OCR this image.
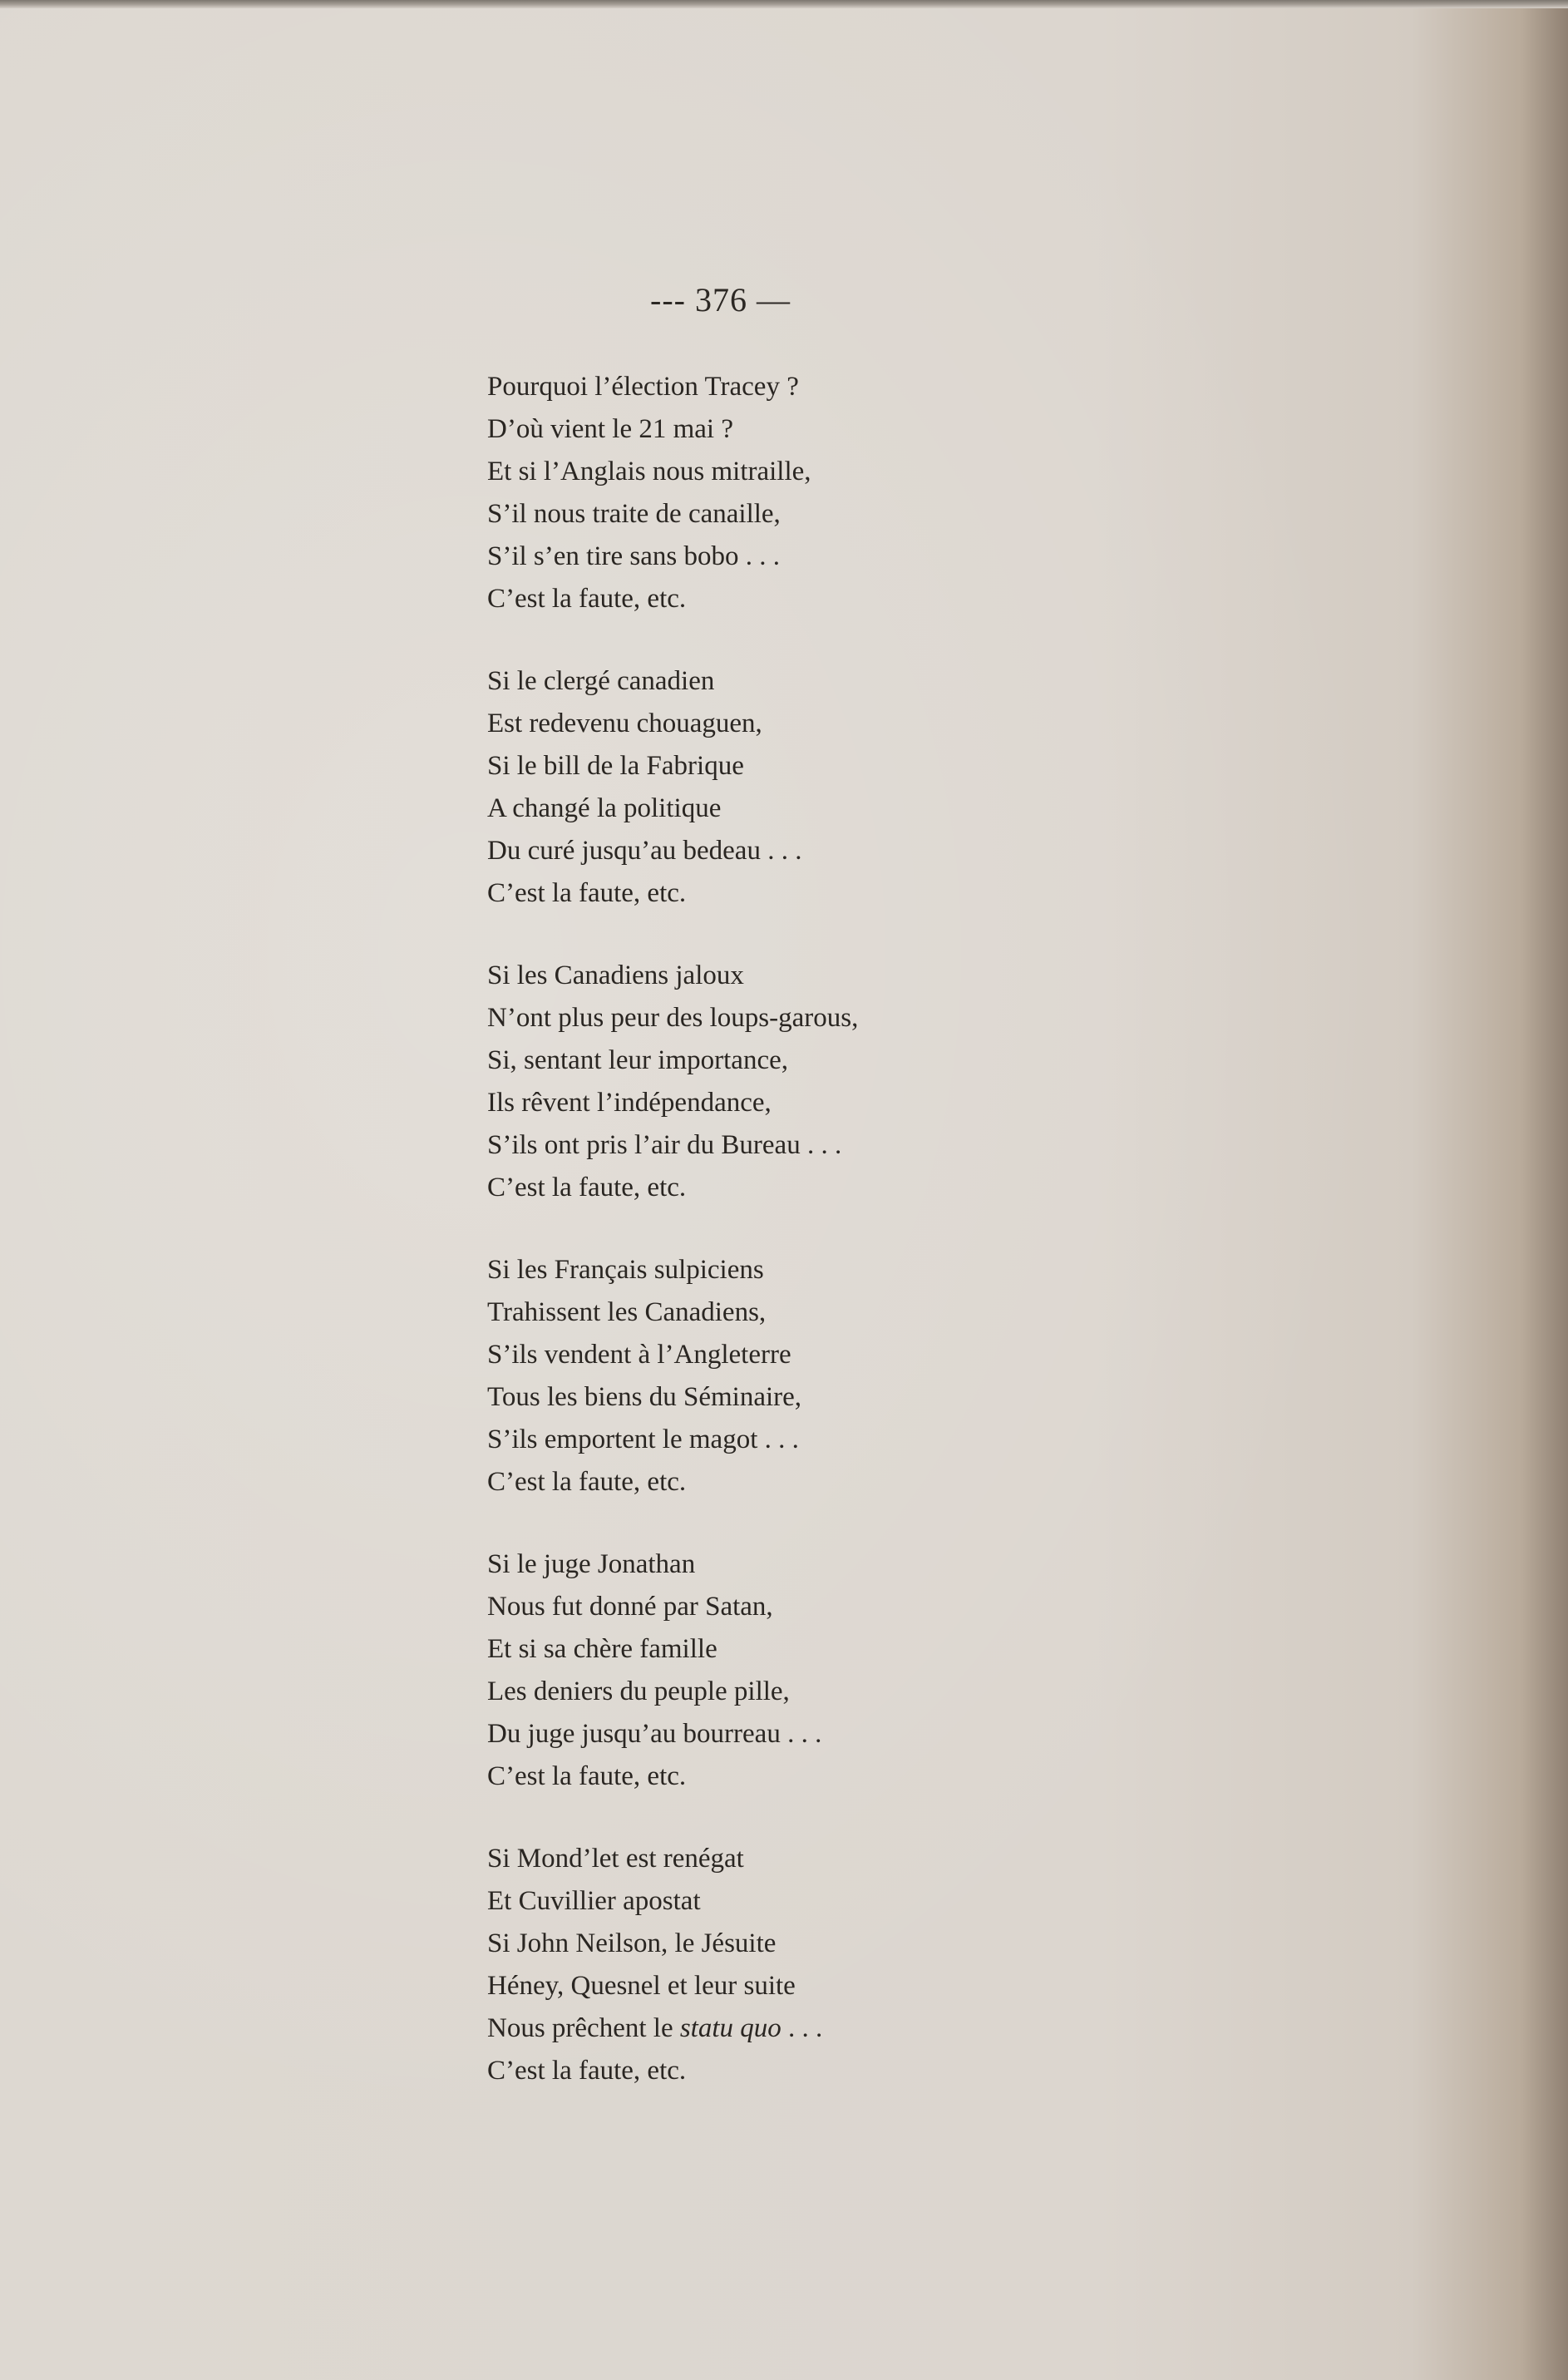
--- 376 —
Pourquoi l’élection Tracey ?
D’où vient le 21 mai ?
Et si l’Anglais nous mitraille,
S’il nous traite de canaille,
S’il s’en tire sans bobo . . .
C’est la faute, etc.
Si le clergé canadien
Est redevenu chouaguen,
Si le bill de la Fabrique
A changé la politique
Du curé jusqu’au bedeau . . .
C’est la faute, etc.
Si les Canadiens jaloux
N’ont plus peur des loups-garous,
Si, sentant leur importance,
Ils rêvent l’indépendance,
S’ils ont pris l’air du Bureau . . .
C’est la faute, etc.
Si les Français sulpiciens
Trahissent les Canadiens,
S’ils vendent à l’Angleterre
Tous les biens du Séminaire,
S’ils emportent le magot . . .
C’est la faute, etc.
Si le juge Jonathan
Nous fut donné par Satan,
Et si sa chère famille
Les deniers du peuple pille,
Du juge jusqu’au bourreau . . .
C’est la faute, etc.
Si Mond’let est renégat
Et Cuvillier apostat
Si John Neilson, le Jésuite
Héney, Quesnel et leur suite
Nous prêchent le statu quo . . .
C’est la faute, etc.
